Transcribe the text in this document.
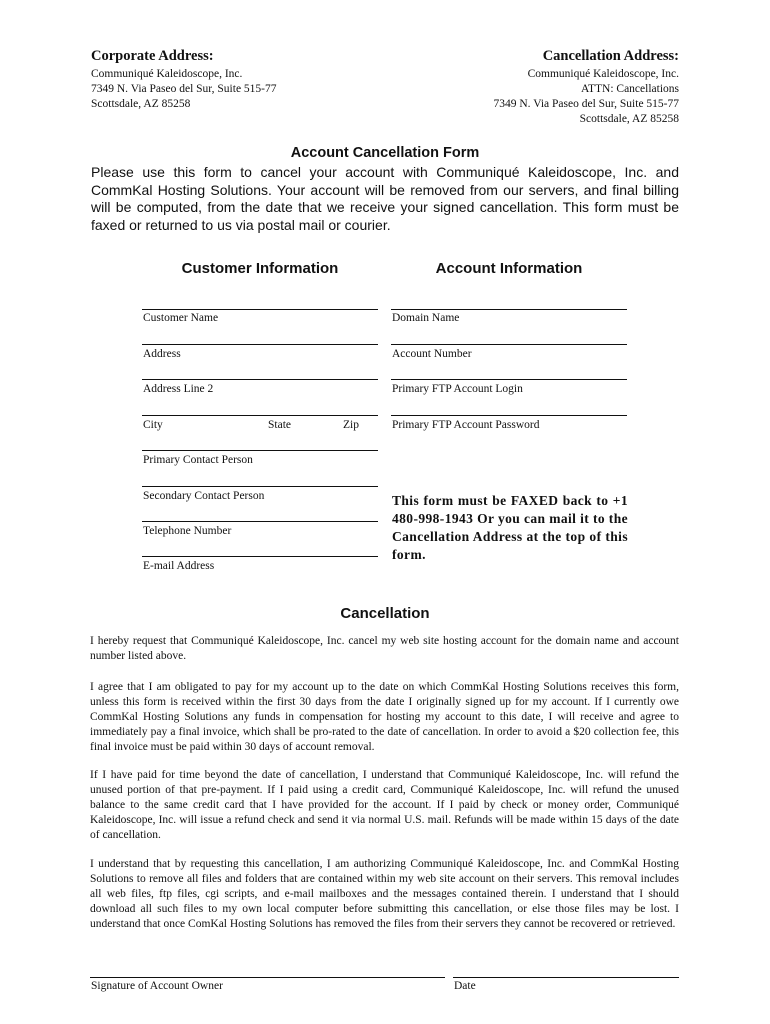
Corporate Address:
Communiqué Kaleidoscope, Inc.
7349 N. Via Paseo del Sur, Suite 515-77
Scottsdale, AZ 85258
Cancellation Address:
Communiqué Kaleidoscope, Inc.
ATTN: Cancellations
7349 N. Via Paseo del Sur, Suite 515-77
Scottsdale, AZ 85258
Account Cancellation Form
Please use this form to cancel your account with Communiqué Kaleidoscope, Inc. and CommKal Hosting Solutions. Your account will be removed from our servers, and final billing will be computed, from the date that we receive your signed cancellation. This form must be faxed or returned to us via postal mail or courier.
Customer Information	Account Information
Customer Name
Address
Address Line 2
City	State	Zip
Primary Contact Person
Secondary Contact Person
Telephone Number
E-mail Address
Domain Name
Account Number
Primary FTP Account Login
Primary FTP Account Password
This form must be FAXED back to +1 480-998-1943 Or you can mail it to the Cancellation Address at the top of this form.
Cancellation
I hereby request that Communiqué Kaleidoscope, Inc. cancel my web site hosting account for the domain name and account number listed above.
I agree that I am obligated to pay for my account up to the date on which CommKal Hosting Solutions receives this form, unless this form is received within the first 30 days from the date I originally signed up for my account. If I currently owe CommKal Hosting Solutions any funds in compensation for hosting my account to this date, I will receive and agree to immediately pay a final invoice, which shall be pro-rated to the date of cancellation. In order to avoid a $20 collection fee, this final invoice must be paid within 30 days of account removal.
If I have paid for time beyond the date of cancellation, I understand that Communiqué Kaleidoscope, Inc. will refund the unused portion of that pre-payment. If I paid using a credit card, Communiqué Kaleidoscope, Inc. will refund the unused balance to the same credit card that I have provided for the account. If I paid by check or money order, Communiqué Kaleidoscope, Inc. will issue a refund check and send it via normal U.S. mail. Refunds will be made within 15 days of the date of cancellation.
I understand that by requesting this cancellation, I am authorizing Communiqué Kaleidoscope, Inc. and CommKal Hosting Solutions to remove all files and folders that are contained within my web site account on their servers. This removal includes all web files, ftp files, cgi scripts, and e-mail mailboxes and the messages contained therein. I understand that I should download all such files to my own local computer before submitting this cancellation, or else those files may be lost. I understand that once ComKal Hosting Solutions has removed the files from their servers they cannot be recovered or retrieved.
Signature of Account Owner	Date
